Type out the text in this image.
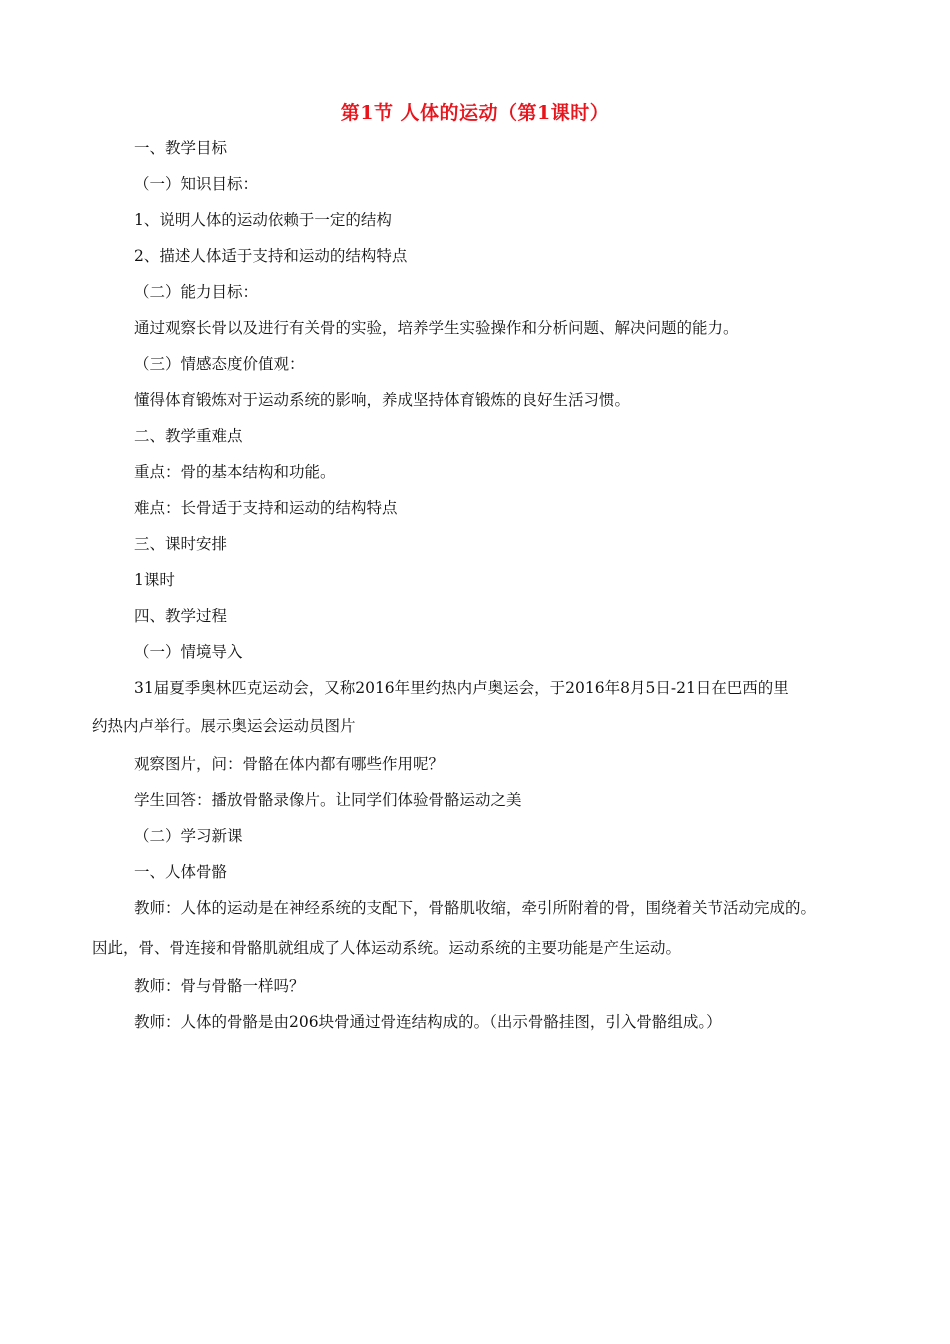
第1节 人体的运动（第1课时）
一、教学目标
（一）知识目标：
1、说明人体的运动依赖于一定的结构
2、描述人体适于支持和运动的结构特点
（二）能力目标：
通过观察长骨以及进行有关骨的实验，培养学生实验操作和分析问题、解决问题的能力。
（三）情感态度价值观：
懂得体育锻炼对于运动系统的影响，养成坚持体育锻炼的良好生活习惯。
二、教学重难点
重点：骨的基本结构和功能。
难点：长骨适于支持和运动的结构特点
三、课时安排
1课时
四、教学过程
（一）情境导入
31届夏季奥林匹克运动会，又称2016年里约热内卢奥运会，于2016年8月5日-21日在巴西的里
约热内卢举行。展示奥运会运动员图片
观察图片，问：骨骼在体内都有哪些作用呢？
学生回答：播放骨骼录像片。让同学们体验骨骼运动之美
（二）学习新课
一、人体骨骼
教师：人体的运动是在神经系统的支配下，骨骼肌收缩，牵引所附着的骨，围绕着关节活动完成的。
因此，骨、骨连接和骨骼肌就组成了人体运动系统。运动系统的主要功能是产生运动。
教师：骨与骨骼一样吗？
教师：人体的骨骼是由206块骨通过骨连结构成的。（出示骨骼挂图，引入骨骼组成。）
